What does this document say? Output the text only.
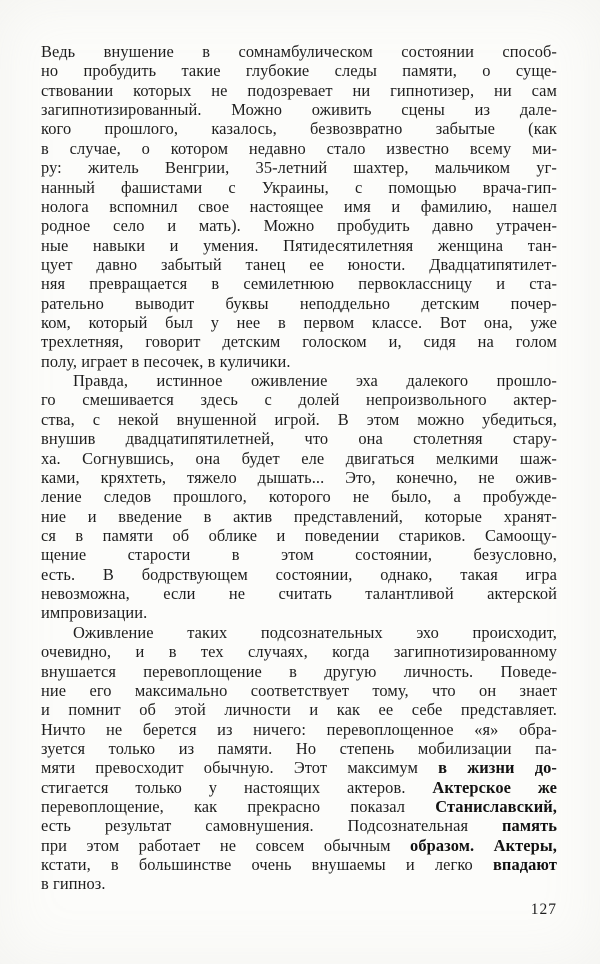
Ведь внушение в сомнамбулическом состоянии способ-
но пробудить такие глубокие следы памяти, о суще-
ствовании которых не подозревает ни гипнотизер, ни сам
загипнотизированный. Можно оживить сцены из дале-
кого прошлого, казалось, безвозвратно забытые (как
в случае, о котором недавно стало известно всему ми-
ру: житель Венгрии, 35-летний шахтер, мальчиком уг-
нанный фашистами с Украины, с помощью врача-гип-
нолога вспомнил свое настоящее имя и фамилию, нашел
родное село и мать). Можно пробудить давно утрачен-
ные навыки и умения. Пятидесятилетняя женщина тан-
цует давно забытый танец ее юности. Двадцатипятилет-
няя превращается в семилетнюю первоклассницу и ста-
рательно выводит буквы неподдельно детским почер-
ком, который был у нее в первом классе. Вот она, уже
трехлетняя, говорит детским голоском и, сидя на голом
полу, играет в песочек, в куличики.
Правда, истинное оживление эха далекого прошло-
го смешивается здесь с долей непроизвольного актер-
ства, с некой внушенной игрой. В этом можно убедиться,
внушив двадцатипятилетней, что она столетняя стару-
ха. Согнувшись, она будет еле двигаться мелкими шаж-
ками, кряхтеть, тяжело дышать... Это, конечно, не ожив-
ление следов прошлого, которого не было, а пробужде-
ние и введение в актив представлений, которые хранят-
ся в памяти об облике и поведении стариков. Самоощу-
щение старости в этом состоянии, безусловно,
есть. В бодрствующем состоянии, однако, такая игра
невозможна, если не считать талантливой актерской
импровизации.
Оживление таких подсознательных эхо происходит,
очевидно, и в тех случаях, когда загипнотизированному
внушается перевоплощение в другую личность. Поведе-
ние его максимально соответствует тому, что он знает
и помнит об этой личности и как ее себе представляет.
Ничто не берется из ничего: перевоплощенное «я» обра-
зуется только из памяти. Но степень мобилизации па-
мяти превосходит обычную. Этот максимум в жизни до-
стигается только у настоящих актеров. Актерское же
перевоплощение, как прекрасно показал Станиславский,
есть результат самовнушения. Подсознательная память
при этом работает не совсем обычным образом. Актеры,
кстати, в большинстве очень внушаемы и легко впадают
в гипноз.
127
